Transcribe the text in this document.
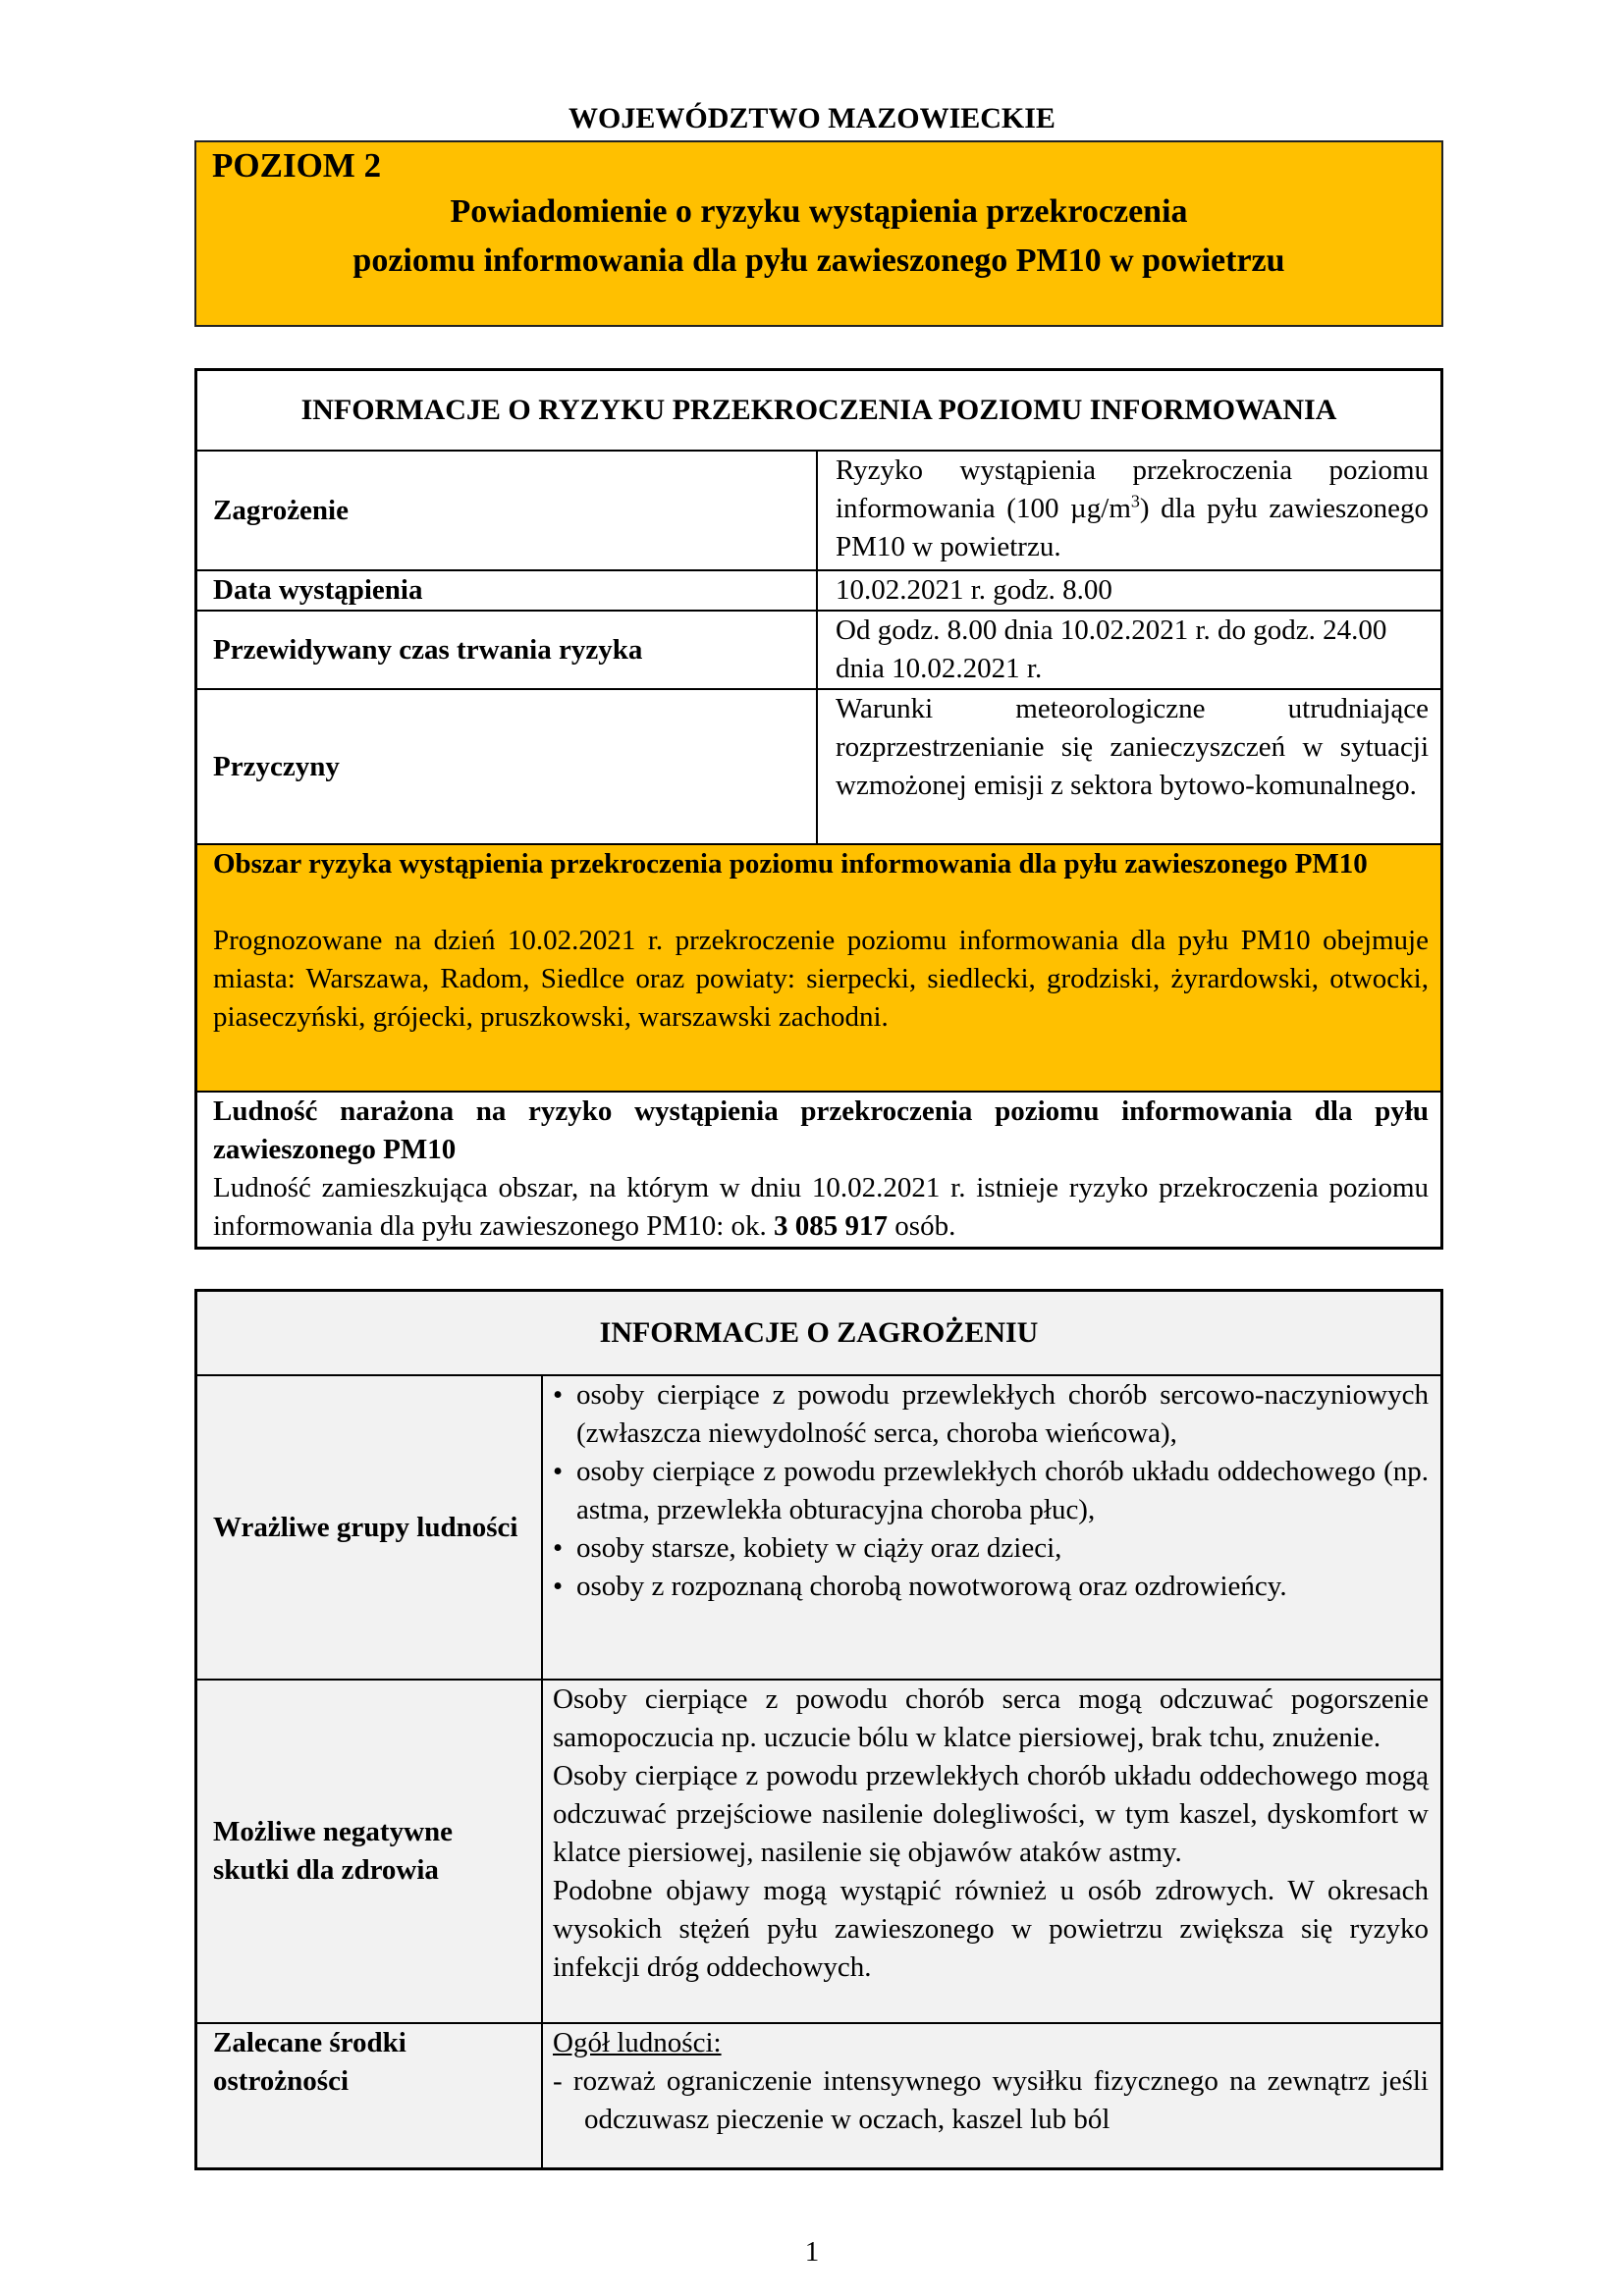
WOJEWÓDZTWO MAZOWIECKIE
POZIOM 2
Powiadomienie o ryzyku wystąpienia przekroczenia
poziomu informowania dla pyłu zawieszonego PM10 w powietrzu
INFORMACJE O RYZYKU PRZEKROCZENIA POZIOMU INFORMOWANIA
Zagrożenie
Ryzyko wystąpienia przekroczenia poziomu informowania (100 $\mu g/m^3$) dla pyłu zawieszonego PM10 w powietrzu.
Data wystąpienia	10.02.2021 r. godz. 8.00
Przewidywany czas trwania ryzyka
Od godz. 8.00 dnia 10.02.2021 r. do godz. 24.00 dnia 10.02.2021 r.
Przyczyny
Warunki meteorologiczne utrudniające rozprzestrzenianie się zanieczyszczeń w sytuacji wzmożonej emisji z sektora bytowo-komunalnego.
Obszar ryzyka wystąpienia przekroczenia poziomu informowania dla pyłu zawieszonego PM10
Prognozowane na dzień 10.02.2021 r. przekroczenie poziomu informowania dla pyłu PM10 obejmuje miasta: Warszawa, Radom, Siedlce oraz powiaty: sierpecki, siedlecki, grodziski, żyrardowski, otwocki, piaseczyński, grójecki, pruszkowski, warszawski zachodni.
Ludność narażona na ryzyko wystąpienia przekroczenia poziomu informowania dla pyłu zawieszonego PM10
Ludność zamieszkująca obszar, na którym w dniu 10.02.2021 r. istnieje ryzyko przekroczenia poziomu informowania dla pyłu zawieszonego PM10: ok. 3 085 917 osób.
INFORMACJE O ZAGROŻENIU
Wrażliwe grupy ludności
• osoby cierpiące z powodu przewlekłych chorób sercowo-naczyniowych (zwłaszcza niewydolność serca, choroba wieńcowa),
• osoby cierpiące z powodu przewlekłych chorób układu oddechowego (np. astma, przewlekła obturacyjna choroba płuc),
• osoby starsze, kobiety w ciąży oraz dzieci,
• osoby z rozpoznaną chorobą nowotworową oraz ozdrowieńcy.
Możliwe negatywne skutki dla zdrowia
Osoby cierpiące z powodu chorób serca mogą odczuwać pogorszenie samopoczucia np. uczucie bólu w klatce piersiowej, brak tchu, znużenie.
Osoby cierpiące z powodu przewlekłych chorób układu oddechowego mogą odczuwać przejściowe nasilenie dolegliwości, w tym kaszel, dyskomfort w klatce piersiowej, nasilenie się objawów ataków astmy.
Podobne objawy mogą wystąpić również u osób zdrowych. W okresach wysokich stężeń pyłu zawieszonego w powietrzu zwiększa się ryzyko infekcji dróg oddechowych.
Zalecane środki ostrożności
Ogół ludności:
- rozważ ograniczenie intensywnego wysiłku fizycznego na zewnątrz jeśli odczuwasz pieczenie w oczach, kaszel lub ból
1
